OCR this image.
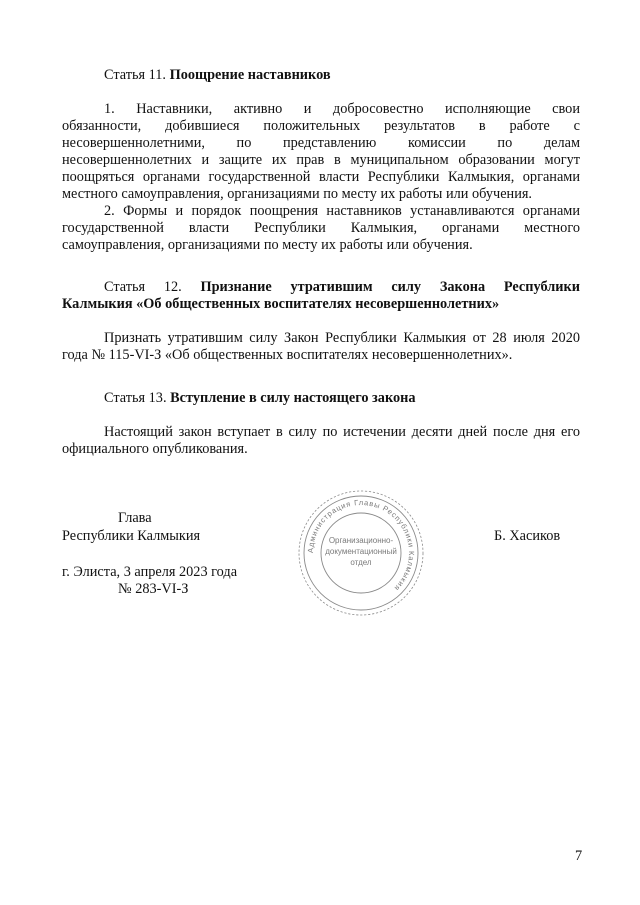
Статья 11. Поощрение наставников

1. Наставники, активно и добросовестно исполняющие свои

обязанности, добившиеся положительных результатов в работе с

несовершеннолетними, по представлению комиссии по делам

несовершеннолетних и защите их прав в муниципальном образовании могут поощряться органами государственной власти Республики Калмыкия, органами местного самоуправления, организациями по месту их работы или обучения.

2. Формы и порядок поощрения наставников устанавливаются органами

государственной власти Республики Калмыкия, органами местного

самоуправления, организациями по месту их работы или обучения.

Статья 12. Признание утратившим силу Закона Республики

Калмыкия «Об общественных воспитателях несовершеннолетних»

Признать утратившим силу Закон Республики Калмыкия от 28 июля 2020 года № 115-VI-З «Об общественных воспитателях несовершеннолетних».
Статья 13. Вступление в силу настоящего закона
Настоящий закон вступает в силу по истечении десяти дней после дня его официального опубликования.
Глава
Республики Калмыкия	Б. Хасиков
г. Элиста, 3 апреля 2023 года
№ 283-VI-З
Администрация Главы Республики Калмыкия
Организационно-
документационный
отдел
7
